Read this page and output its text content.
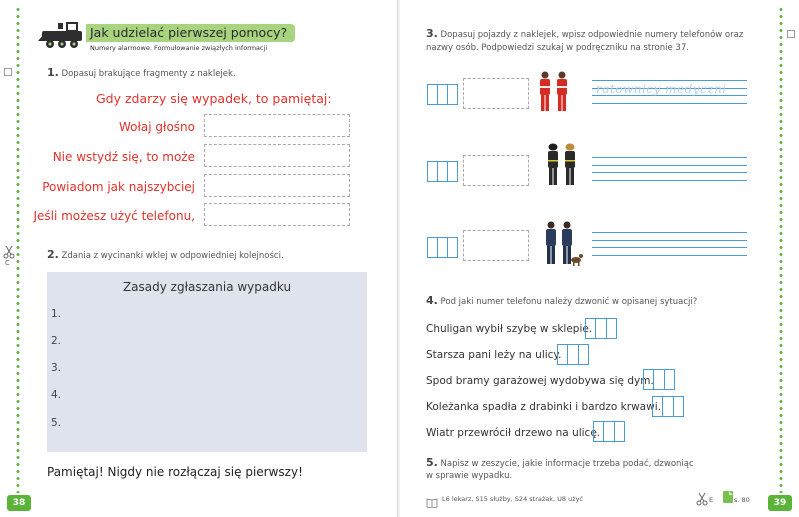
C
Jak udzielać pierwszej pomocy?
Numery alarmowe. Formułowanie związłych informacji
1. Dopasuj brakujące fragmenty z naklejek.
Gdy zdarzy się wypadek, to pamiętaj:
Wołaj głośno
Nie wstydź się, to może
Powiadom jak najszybciej
Jeśli możesz użyć telefonu,
2. Zdania z wycinanki wklej w odpowiedniej kolejności.
Zasady zgłaszania wypadku
1.
2.
3.
4.
5.
Pamiętaj! Nigdy nie rozłączaj się pierwszy!
38
3. Dopasuj pojazdy z naklejek, wpisz odpowiednie numery telefonów oraz nazwy osób. Podpowiedzi szukaj w podręczniku na stronie 37.
ratownicy medyczni
4. Pod jaki numer telefonu należy dzwonić w opisanej sytuacji?
Chuligan wybił szybę w sklepie.
Starsza pani leży na ulicy.
Spod bramy garażowej wydobywa się dym.
Koleżanka spadła z drabinki i bardzo krwawi.
Wiatr przewrócił drzewo na ulicę.
5. Napisz w zeszycie, jakie informacje trzeba podać, dzwoniąc
w sprawie wypadku.
L6 lekarz, S15 służby, S24 strażak, U8 użyć	E	s. 80	39
